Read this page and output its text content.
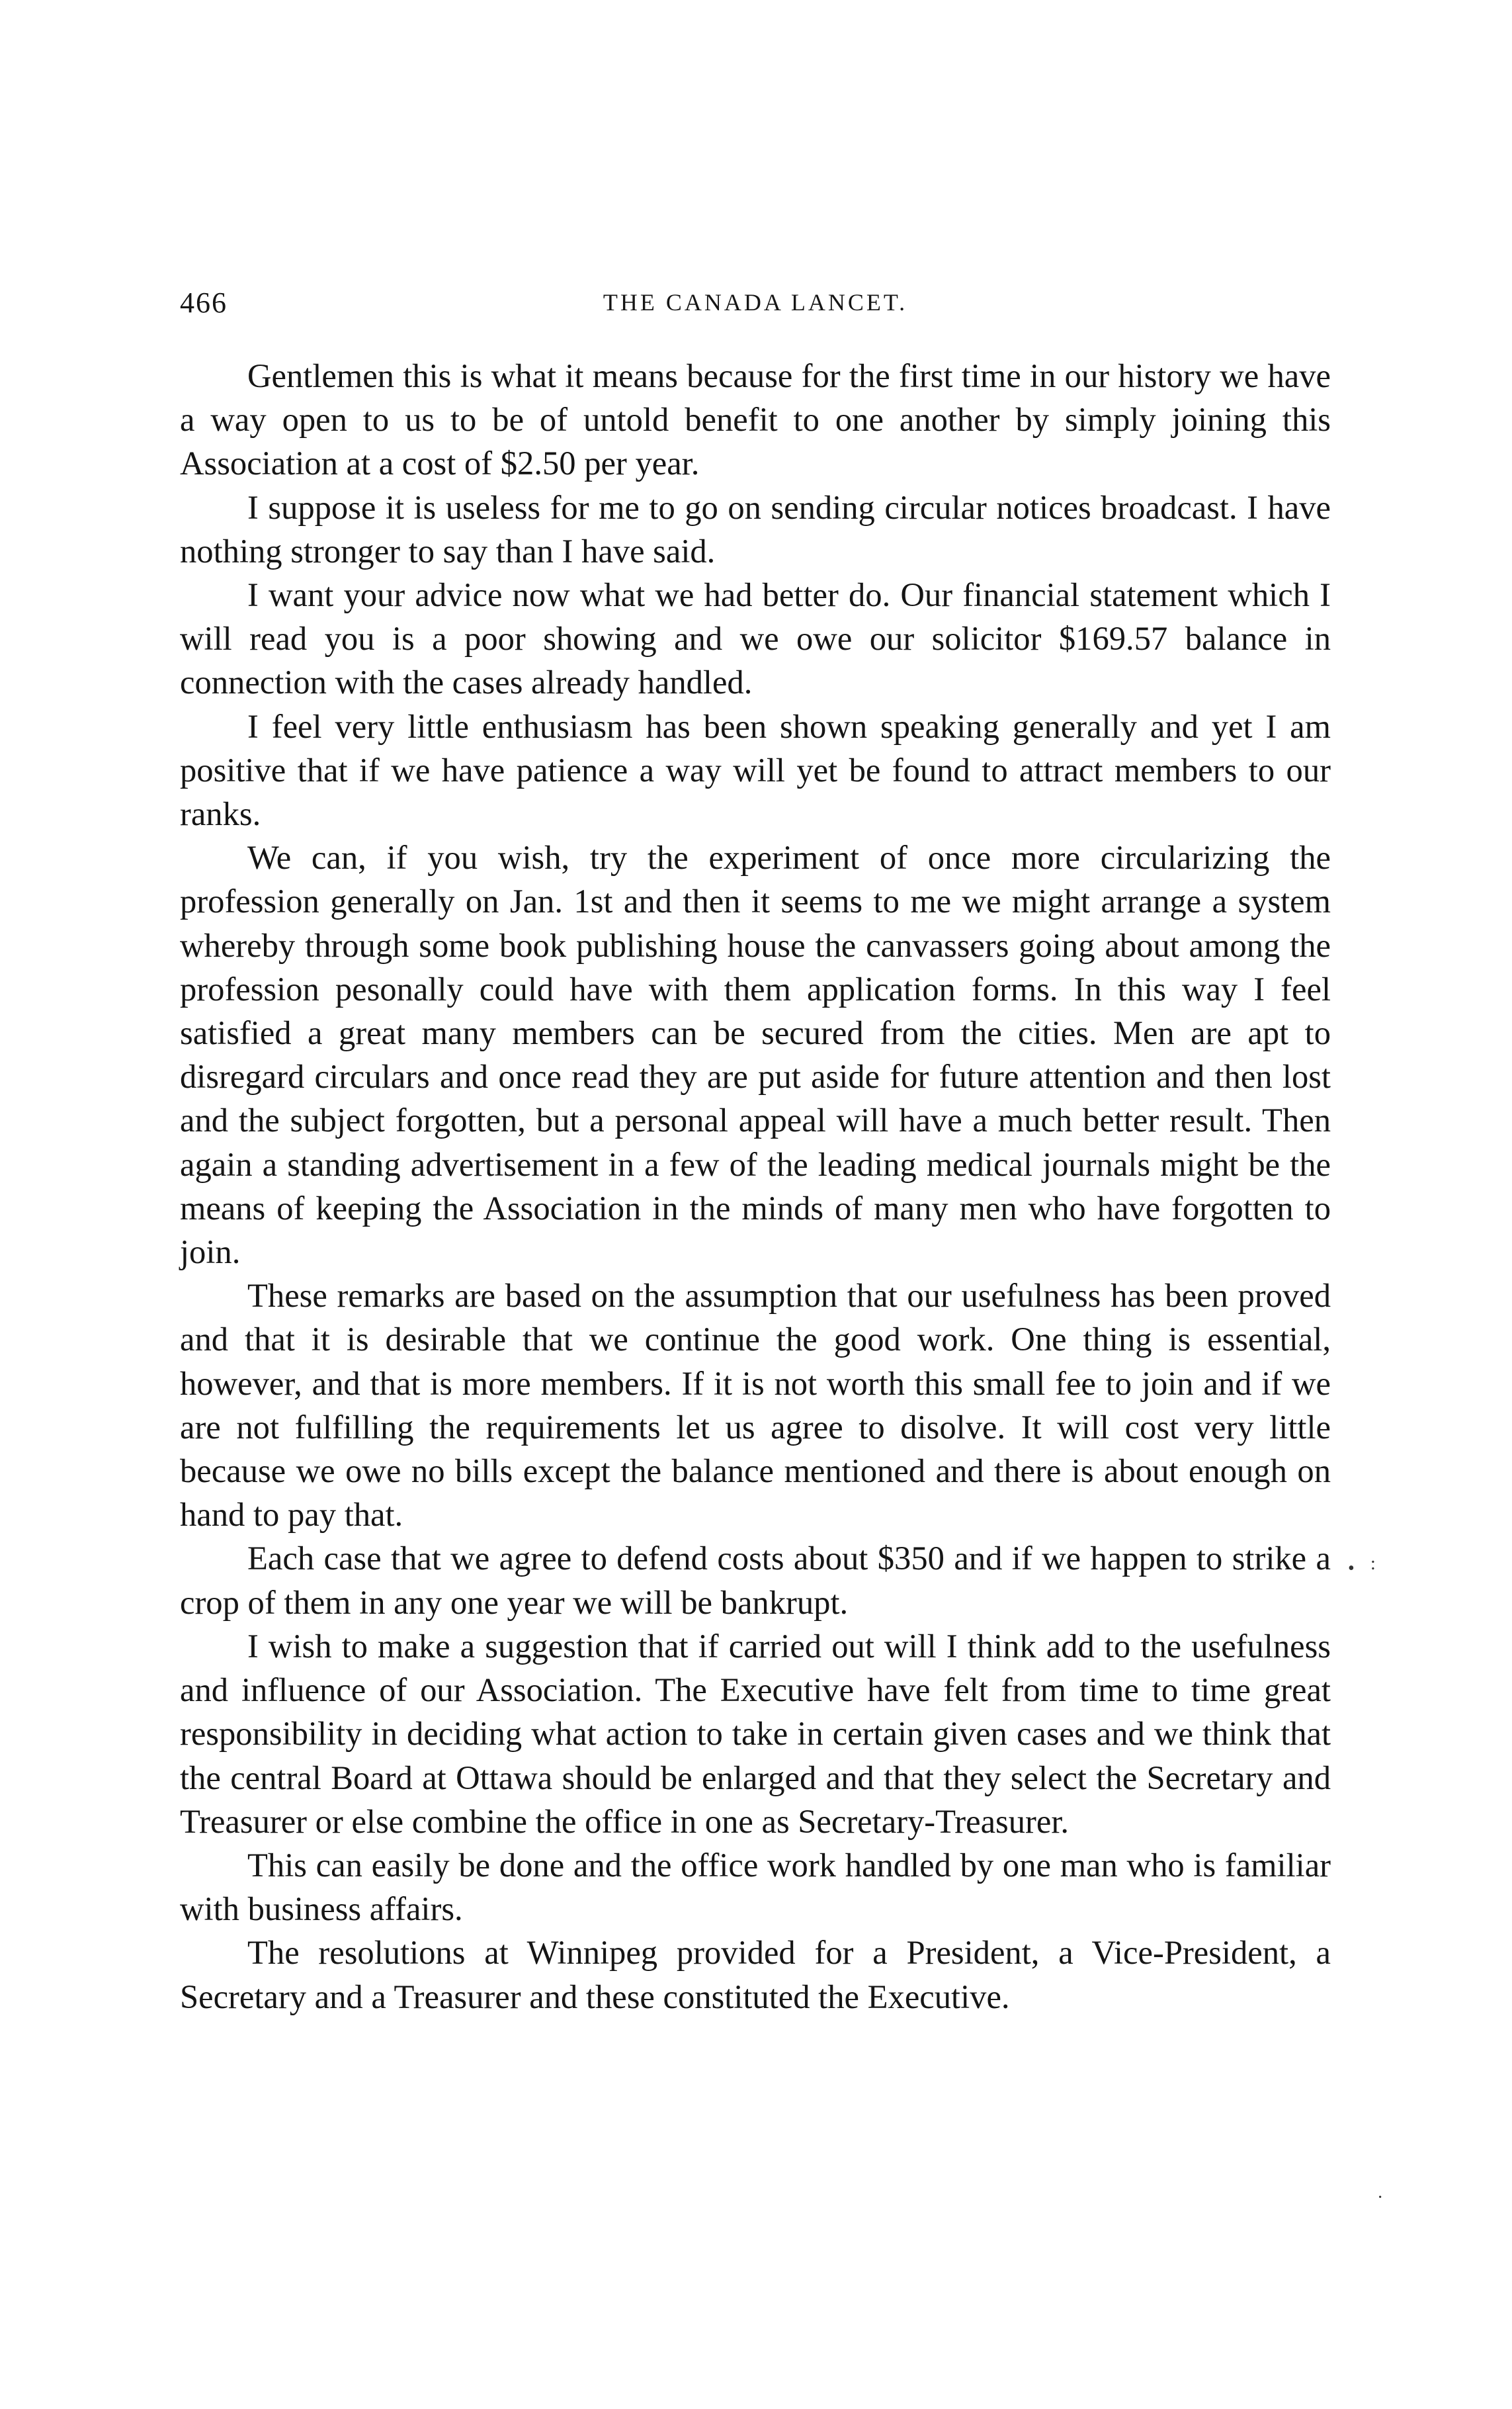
466	THE CANADA LANCET.

Gentlemen this is what it means because for the first time in our history we have a way open to us to be of untold benefit to one another by simply joining this Association at a cost of $2.50 per year.

I suppose it is useless for me to go on sending circular notices broadcast. I have nothing stronger to say than I have said.

I want your advice now what we had better do. Our financial statement which I will read you is a poor showing and we owe our solicitor $169.57 balance in connection with the cases already handled.

I feel very little enthusiasm has been shown speaking generally and yet I am positive that if we have patience a way will yet be found to attract members to our ranks.

We can, if you wish, try the experiment of once more circularizing the profession generally on Jan. 1st and then it seems to me we might arrange a system whereby through some book publishing house the canvassers going about among the profession pesonally could have with them application forms. In this way I feel satisfied a great many members can be secured from the cities. Men are apt to disregard circulars and once read they are put aside for future attention and then lost and the subject forgotten, but a personal appeal will have a much better result. Then again a standing advertisement in a few of the leading medical journals might be the means of keeping the Association in the minds of many men who have forgotten to join.

These remarks are based on the assumption that our usefulness has been proved and that it is desirable that we continue the good work. One thing is essential, however, and that is more members. If it is not worth this small fee to join and if we are not fulfilling the requirements let us agree to disolve. It will cost very little because we owe no bills except the balance mentioned and there is about enough on hand to pay that.

Each case that we agree to defend costs about $350 and if we happen to strike a crop of them in any one year we will be bankrupt.

I wish to make a suggestion that if carried out will I think add to the usefulness and influence of our Association. The Executive have felt from time to time great responsibility in deciding what action to take in certain given cases and we think that the central Board at Ottawa should be enlarged and that they select the Secretary and Treasurer or else combine the office in one as Secretary-Treasurer.

This can easily be done and the office work handled by one man who is familiar with business affairs.

The resolutions at Winnipeg provided for a President, a Vice-President, a Secretary and a Treasurer and these constituted the Executive.

• :
·
